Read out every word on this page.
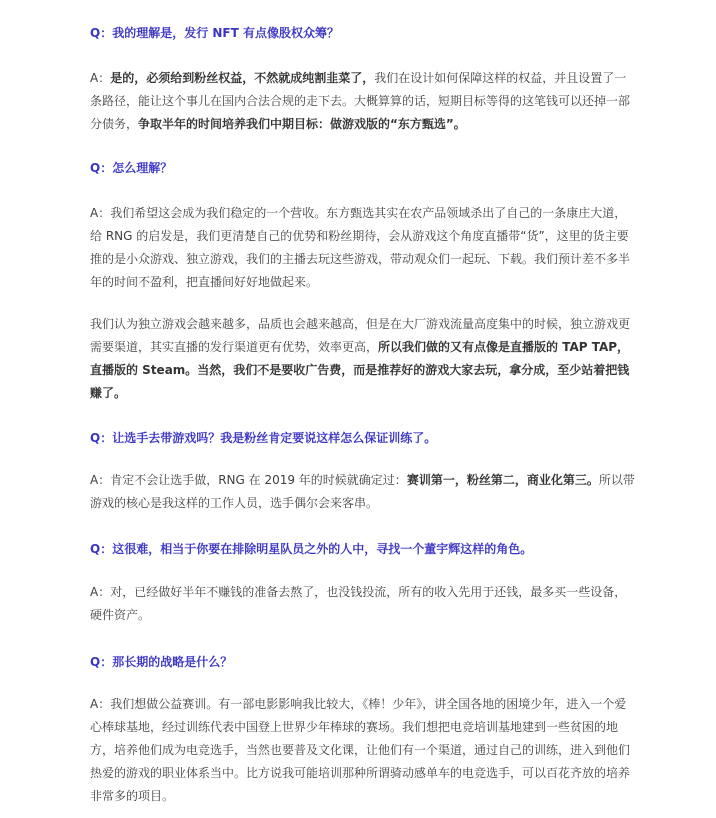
Q：我的理解是，发行 NFT 有点像股权众筹？

A：是的，必须给到粉丝权益，不然就成纯割韭菜了，我们在设计如何保障这样的权益，并且设置了一条路径，能让这个事儿在国内合法合规的走下去。大概算算的话，短期目标等得的这笔钱可以还掉一部分债务，争取半年的时间培养我们中期目标：做游戏版的“东方甄选”。

Q：怎么理解？

A：我们希望这会成为我们稳定的一个营收。东方甄选其实在农产品领域杀出了自己的一条康庄大道，给 RNG 的启发是，我们更清楚自己的优势和粉丝期待，会从游戏这个角度直播带“货”，这里的货主要推的是小众游戏、独立游戏，我们的主播去玩这些游戏，带动观众们一起玩、下载。我们预计差不多半年的时间不盈利，把直播间好好地做起来。

我们认为独立游戏会越来越多，品质也会越来越高，但是在大厂游戏流量高度集中的时候，独立游戏更需要渠道，其实直播的发行渠道更有优势，效率更高，所以我们做的又有点像是直播版的 TAP TAP，直播版的 Steam。当然，我们不是要收广告费，而是推荐好的游戏大家去玩，拿分成，至少站着把钱赚了。

Q：让选手去带游戏吗？我是粉丝肯定要说这样怎么保证训练了。

A：肯定不会让选手做，RNG 在 2019 年的时候就确定过：赛训第一，粉丝第二，商业化第三。所以带游戏的核心是我这样的工作人员，选手偶尔会来客串。

Q：这很难，相当于你要在排除明星队员之外的人中，寻找一个董宇辉这样的角色。

A：对，已经做好半年不赚钱的准备去熬了，也没钱投流，所有的收入先用于还钱，最多买一些设备，硬件资产。

Q：那长期的战略是什么？

A：我们想做公益赛训。有一部电影影响我比较大，《棒！少年》，讲全国各地的困境少年，进入一个爱心棒球基地，经过训练代表中国登上世界少年棒球的赛场。我们想把电竞培训基地建到一些贫困的地方，培养他们成为电竞选手，当然也要普及文化课，让他们有一个渠道，通过自己的训练，进入到他们热爱的游戏的职业体系当中。比方说我可能培训那种所谓骑动感单车的电竞选手，可以百花齐放的培养非常多的项目。
